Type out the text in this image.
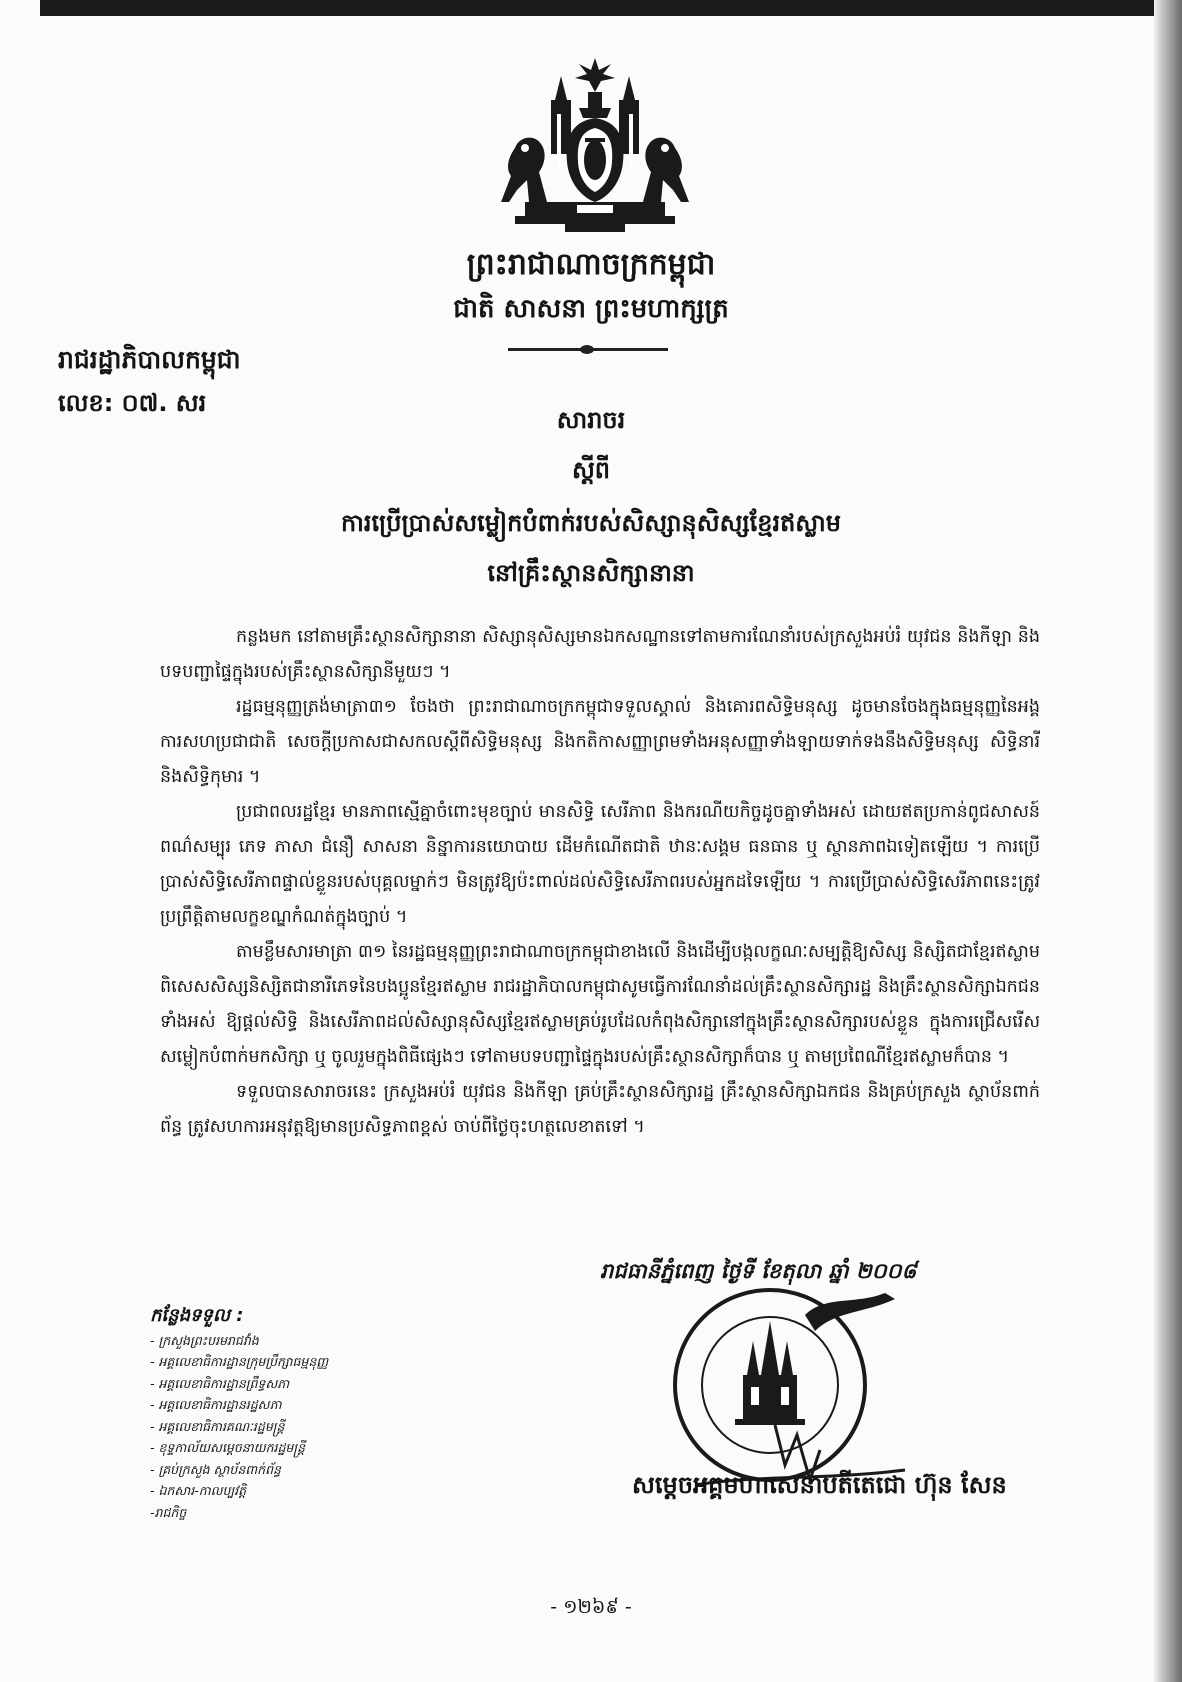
ព្រះរាជាណាចក្រកម្ពុជា
ជាតិ សាសនា ព្រះមហាក្សត្រ
រាជរដ្ឋាភិបាលកម្ពុជា
លេខ: ០៧. សរ
សារាចរ
ស្តីពី
ការប្រើប្រាស់សម្លៀកបំពាក់របស់សិស្សានុសិស្សខ្មែរឥស្លាម
នៅគ្រឹះស្ថានសិក្សានានា

កន្លងមក នៅតាមគ្រឹះស្ថានសិក្សានានា សិស្សានុសិស្សមានឯកសណ្ឋានទៅតាមការណែនាំរបស់ក្រសួងអប់រំ យុវជន និងកីឡា និងបទបញ្ជាផ្ទៃក្នុងរបស់គ្រឹះស្ថានសិក្សានីមួយៗ ។

រដ្ឋធម្មនុញ្ញត្រង់មាត្រា៣១ ចែងថា ព្រះរាជាណាចក្រកម្ពុជាទទួលស្គាល់ និងគោរពសិទ្ធិមនុស្ស ដូចមានចែងក្នុងធម្មនុញ្ញនៃអង្គការសហប្រជាជាតិ សេចក្តីប្រកាសជាសកលស្តីពីសិទ្ធិមនុស្ស និងកតិកាសញ្ញាព្រមទាំងអនុសញ្ញាទាំងឡាយទាក់ទងនឹងសិទ្ធិមនុស្ស សិទ្ធិនារី និងសិទ្ធិកុមារ ។

ប្រជាពលរដ្ឋខ្មែរ មានភាពស្មើគ្នាចំពោះមុខច្បាប់ មានសិទ្ធិ សេរីភាព និងករណីយកិច្ចដូចគ្នាទាំងអស់ ដោយឥតប្រកាន់ពូជសាសន៍ ពណ៌សម្បុរ ភេទ ភាសា ជំនឿ សាសនា និន្នាការនយោបាយ ដើមកំណើតជាតិ ឋានៈសង្គម ធនធាន ឬ ស្ថានភាពឯទៀតឡើយ ។ ការប្រើប្រាស់សិទ្ធិសេរីភាពផ្ទាល់ខ្លួនរបស់បុគ្គលម្នាក់ៗ មិនត្រូវឱ្យប៉ះពាល់ដល់សិទ្ធិសេរីភាពរបស់អ្នកដទៃឡើយ ។ ការប្រើប្រាស់សិទ្ធិសេរីភាពនេះត្រូវប្រព្រឹត្តិតាមលក្ខខណ្ឌកំណត់ក្នុងច្បាប់ ។

តាមខ្លឹមសារមាត្រា ៣១ នៃរដ្ឋធម្មនុញ្ញព្រះរាជាណាចក្រកម្ពុជាខាងលើ និងដើម្បីបង្កលក្ខណៈសម្បត្តិឱ្យសិស្ស និស្សិតជាខ្មែរឥស្លាម ពិសេសសិស្សនិស្សិតជានារីភេទនៃបងប្អូនខ្មែរឥស្លាម រាជរដ្ឋាភិបាលកម្ពុជាសូមធ្វើការណែនាំដល់គ្រឹះស្ថានសិក្សារដ្ឋ និងគ្រឹះស្ថានសិក្សាឯកជនទាំងអស់ ឱ្យផ្តល់សិទ្ធិ និងសេរីភាពដល់សិស្សានុសិស្សខ្មែរឥស្លាមគ្រប់រូបដែលកំពុងសិក្សានៅក្នុងគ្រឹះស្ថានសិក្សារបស់ខ្លួន ក្នុងការជ្រើសរើសសម្លៀកបំពាក់មកសិក្សា ឬ ចូលរួមក្នុងពិធីផ្សេងៗ ទៅតាមបទបញ្ជាផ្ទៃក្នុងរបស់គ្រឹះស្ថានសិក្សាក៏បាន ឬ តាមប្រពៃណីខ្មែរឥស្លាមក៏បាន ។

ទទួលបានសារាចរនេះ ក្រសួងអប់រំ យុវជន និងកីឡា គ្រប់គ្រឹះស្ថានសិក្សារដ្ឋ គ្រឹះស្ថានសិក្សាឯកជន និងគ្រប់ក្រសួង ស្ថាប័នពាក់ព័ន្ធ ត្រូវសហការអនុវត្តឱ្យមានប្រសិទ្ធភាពខ្ពស់ ចាប់ពីថ្ងៃចុះហត្ថលេខាតទៅ ។

រាជធានីភ្នំពេញ ថ្ងៃទី ខែតុលា ឆ្នាំ ២០០៨
កន្លែងទទួល :
- ក្រសួងព្រះបរមរាជវាំង
- អគ្គលេខាធិការដ្ឋានក្រុមប្រឹក្សាធម្មនុញ្ញ
- អគ្គលេខាធិការដ្ឋានព្រឹទ្ធសភា
- អគ្គលេខាធិការដ្ឋានរដ្ឋសភា
- អគ្គលេខាធិការគណៈរដ្ឋមន្ត្រី
- ខុទ្ទកាល័យសម្តេចនាយករដ្ឋមន្ត្រី
- គ្រប់ក្រសួង ស្ថាប័នពាក់ព័ន្ធ
- ឯកសារ-កាលប្បវត្តិ
-រាជកិច្ច
សម្តេចអគ្គមហាសេនាបតីតេជោ ហ៊ុន សែន
- ១២៦៩ -
